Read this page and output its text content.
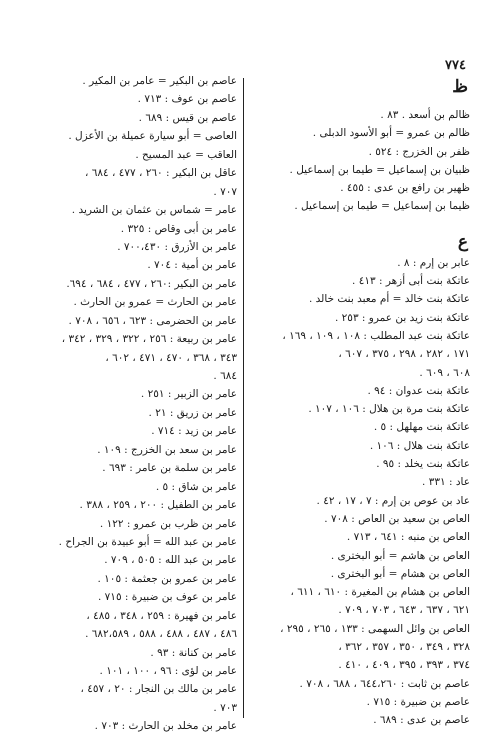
٧٧٤
ظ
ظالم بن أسعد . ٨٣ .
ظالم بن عمرو = أبو الأسود الدبلى .
ظفر بن الخزرج : ٥٢٤ .
ظبيان بن إسماعيل = طيما بن إسماعيل .
ظهير بن رافع بن عدى : ٤٥٥ .
ظيما بن إسماعيل = طيما بن إسماعيل .
ع
عابر بن إرم : ٨ .
عاتكة بنت أبى أزهر : ٤١٣ .
عاتكة بنت خالد = أم معبد بنت خالد .
عاتكة بنت زيد بن عمرو : ٢٥٣ .
عاتكة بنت عبد المطلب : ١٠٨ ، ١٠٩ ، ١٦٩ ،
١٧١ ، ٢٨٢ ، ٢٩٨ ، ٣٧٥ ، ٦٠٧ ،
٦٠٨ ، ٦٠٩ .
عاتكة بنت عدوان : ٩٤ .
عاتكة بنت مرة بن هلال : ١٠٦ ، ١٠٧ .
عاتكة بنت مهلهل : ٥ .
عاتكة بنت هلال : ١٠٦ .
عاتكة بنت يخلد : ٩٥ .
عاد : ٣٣١ .
عاد بن عوص بن إرم : ٧ ، ١٧ ، ٤٢ .
العاص بن سعيد بن العاص : ٧٠٨ .
العاص بن منبه : ٦٤١ ، ٧١٣ .
العاص بن هاشم = أبو البخترى .
العاص بن هشام = أبو البخترى .
العاص بن هشام بن المغيرة : ٦١٠ ، ٦١١ ،
٦٢١ ، ٦٣٧ ، ٦٤٣ ، ٧٠٣ ، ٧٠٩ .
العاص بن وائل السهمى : ١٣٣ ، ٢٦٥ ، ٢٩٥ ،
٣٢٨ ، ٣٤٩ ، ٣٥٠ ، ٣٥٧ ، ٣٦٢ ،
٣٧٤ ، ٣٩٣ ، ٣٩٥ ، ٤٠٩ ، ٤١٠ .
عاصم بن ثابت : ٦٤٤،٢٦٠ ، ٦٨٨ ، ٧٠٨ .
عاصم بن ضبيرة : ٧١٥ .
عاصم بن عدى : ٦٨٩ .
عاصم بن البكير = عامر بن المكير .
عاصم بن عوف : ٧١٣ .
عاصم بن قيس : ٦٨٩ .
العاصى = أبو سيارة عميلة بن الأعزل .
العاقب = عبد المسيح .
عاقل بن البكير : ٢٦٠ ، ٤٧٧ ، ٦٨٤ ،
٧٠٧ .
عامر = شماس بن عثمان بن الشريد .
عامر بن أبى وقاص : ٣٢٥ .
عامر بن الأزرق : ٧٠٠،٤٣٠ .
عامر بن أمية : ٧٠٤ .
عامر بن البكير :٢٦٠ ، ٤٧٧ ، ٦٨٤ ، ٦٩٤.
عامر بن الحارث = عمرو بن الحارث .
عامر بن الحضرمى : ٦٢٣ ، ٦٥٦ ، ٧٠٨ .
عامر بن ربيعة : ٢٥٦ ، ٣٢٢ ، ٣٢٩ ، ٣٤٢ ،
٣٤٣ ، ٣٦٨ ، ٤٧٠ ، ٤٧١ ، ٦٠٢ ،
٦٨٤ .
عامر بن الزبير : ٢٥١ .
عامر بن زريق : ٢١ .
عامر بن زيد : ٧١٤ .
عامر بن سعد بن الخزرج : ١٠٩ .
عامر بن سلمة بن عامر : ٦٩٣ .
عامر بن شاق : ٥ .
عامر بن الطفيل : ٢٠٠ ، ٢٥٩ ، ٣٨٨ .
عامر بن ظرب بن عمرو : ١٢٢ .
عامر بن عبد الله = أبو عبيدة بن الجراح .
عامر بن عبد الله : ٥٠٥ ، ٧٠٩ .
عامر بن عمرو بن جعثمة : ١٠٥ .
عامر بن عوف بن ضبيرة : ٧١٥ .
عامر بن فهيرة : ٢٥٩ ، ٣٤٨ ، ٤٨٥ ،
٤٨٦ ، ٤٨٧ ، ٤٨٨ ، ٥٨٨ ، ٦٨٢،٥٨٩ .
عامر بن كنانة : ٩٣ .
عامر بن لؤى : ٩٦ ، ١٠٠ ، ١٠١ .
عامر بن مالك بن النجار : ٢٠ ، ٤٥٧ ،
٧٠٣ .
عامر بن مخلد بن الحارث : ٧٠٣ .
